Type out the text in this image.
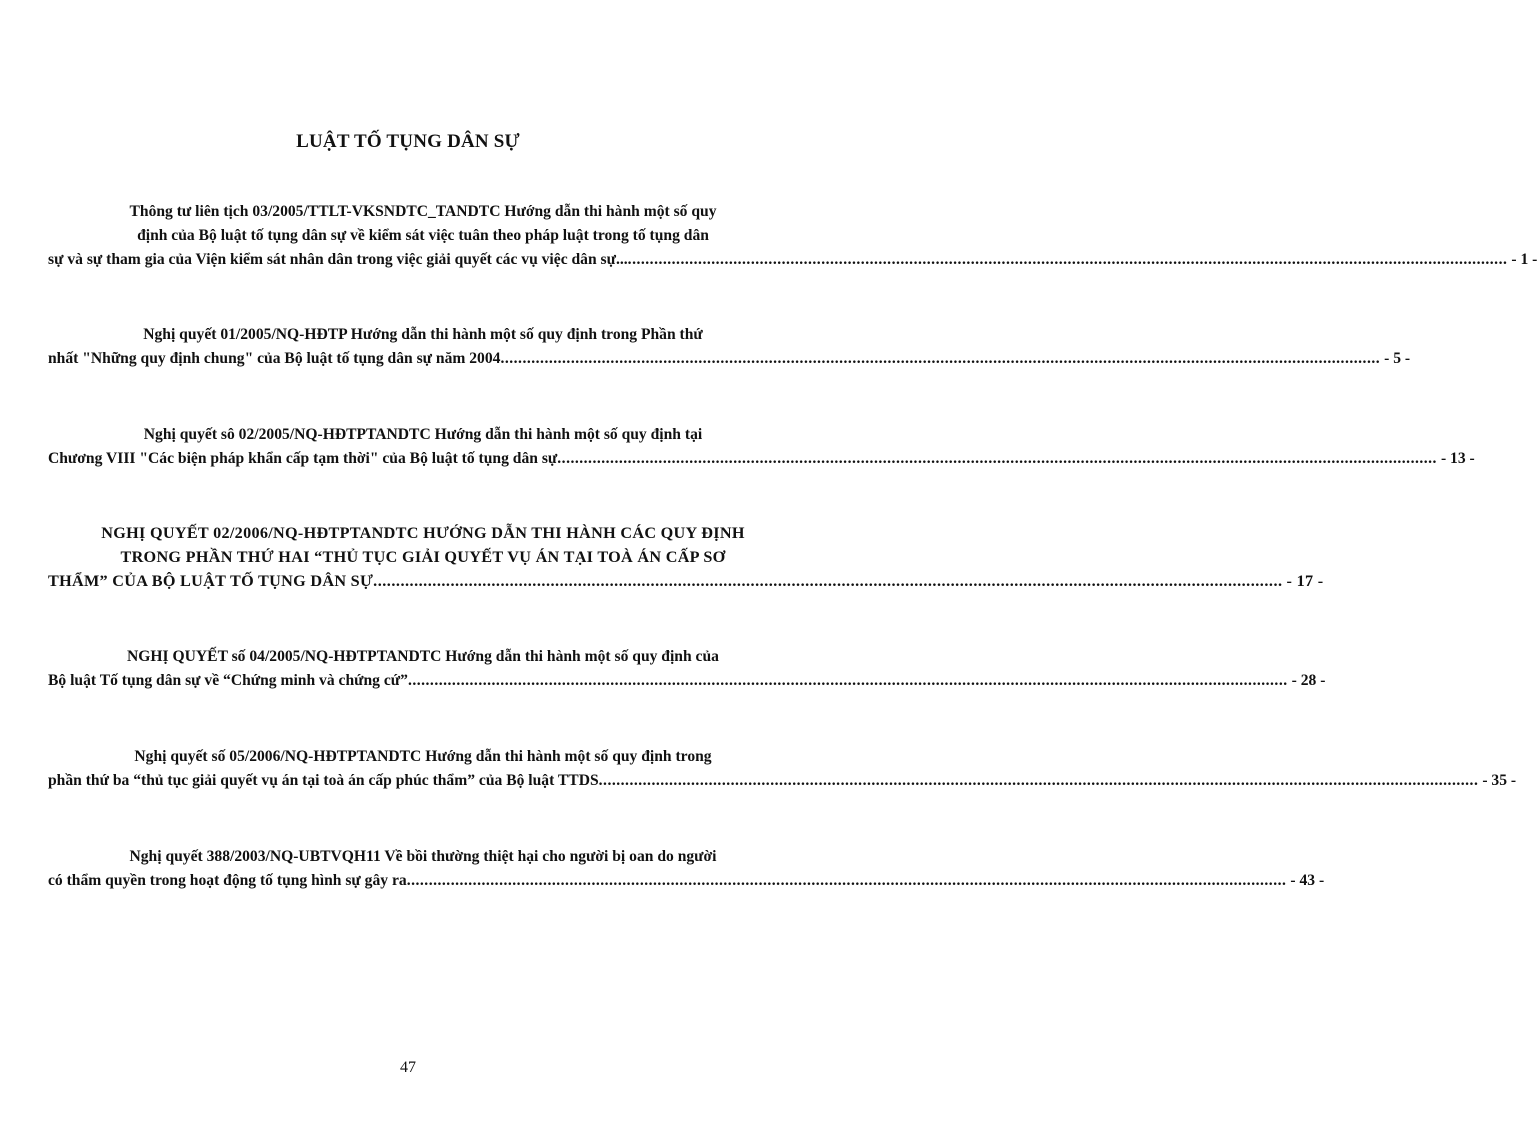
LUẬT TỐ TỤNG DÂN SỰ
Thông tư liên tịch 03/2005/TTLT-VKSNDTC_TANDTC Hướng dẫn thi hành một số quy
định của Bộ luật tố tụng dân sự về kiểm sát việc tuân theo pháp luật trong tố tụng dân
sự và sự tham gia của Viện kiểm sát nhân dân trong việc giải quyết các vụ việc dân sự... ........................................................................................................................................................................................................ - 1 -
Nghị quyết 01/2005/NQ-HĐTP Hướng dẫn thi hành một số quy định trong Phần thứ
nhất "Những quy định chung" của Bộ luật tố tụng dân sự năm 2004 ........................................................................................................................................................................................................ - 5 -
Nghị quyết sô 02/2005/NQ-HĐTPTANDTC Hướng dẫn thi hành một số quy định tại
Chương VIII "Các biện pháp khẩn cấp tạm thời" của Bộ luật tố tụng dân sự ........................................................................................................................................................................................................ - 13 -
NGHỊ QUYẾT 02/2006/NQ-HĐTPTANDTC HƯỚNG DẪN THI HÀNH CÁC QUY ĐỊNH
TRONG PHẦN THỨ HAI “THỦ TỤC GIẢI QUYẾT VỤ ÁN TẠI TOÀ ÁN CẤP SƠ
THẨM” CỦA BỘ LUẬT TỐ TỤNG DÂN SỰ ........................................................................................................................................................................................................ - 17 -
NGHỊ QUYẾT số 04/2005/NQ-HĐTPTANDTC Hướng dẫn thi hành một số quy định của
Bộ luật Tố tụng dân sự về “Chứng minh và chứng cứ” ........................................................................................................................................................................................................ - 28 -
Nghị quyết số 05/2006/NQ-HĐTPTANDTC Hướng dẫn thi hành một số quy định trong
phần thứ ba “thủ tục giải quyết vụ án tại toà án cấp phúc thẩm” của Bộ luật TTDS ........................................................................................................................................................................................................ - 35 -
Nghị quyết 388/2003/NQ-UBTVQH11 Về bồi thường thiệt hại cho người bị oan do người
có thẩm quyền trong hoạt động tố tụng hình sự gây ra ........................................................................................................................................................................................................ - 43 -
47
